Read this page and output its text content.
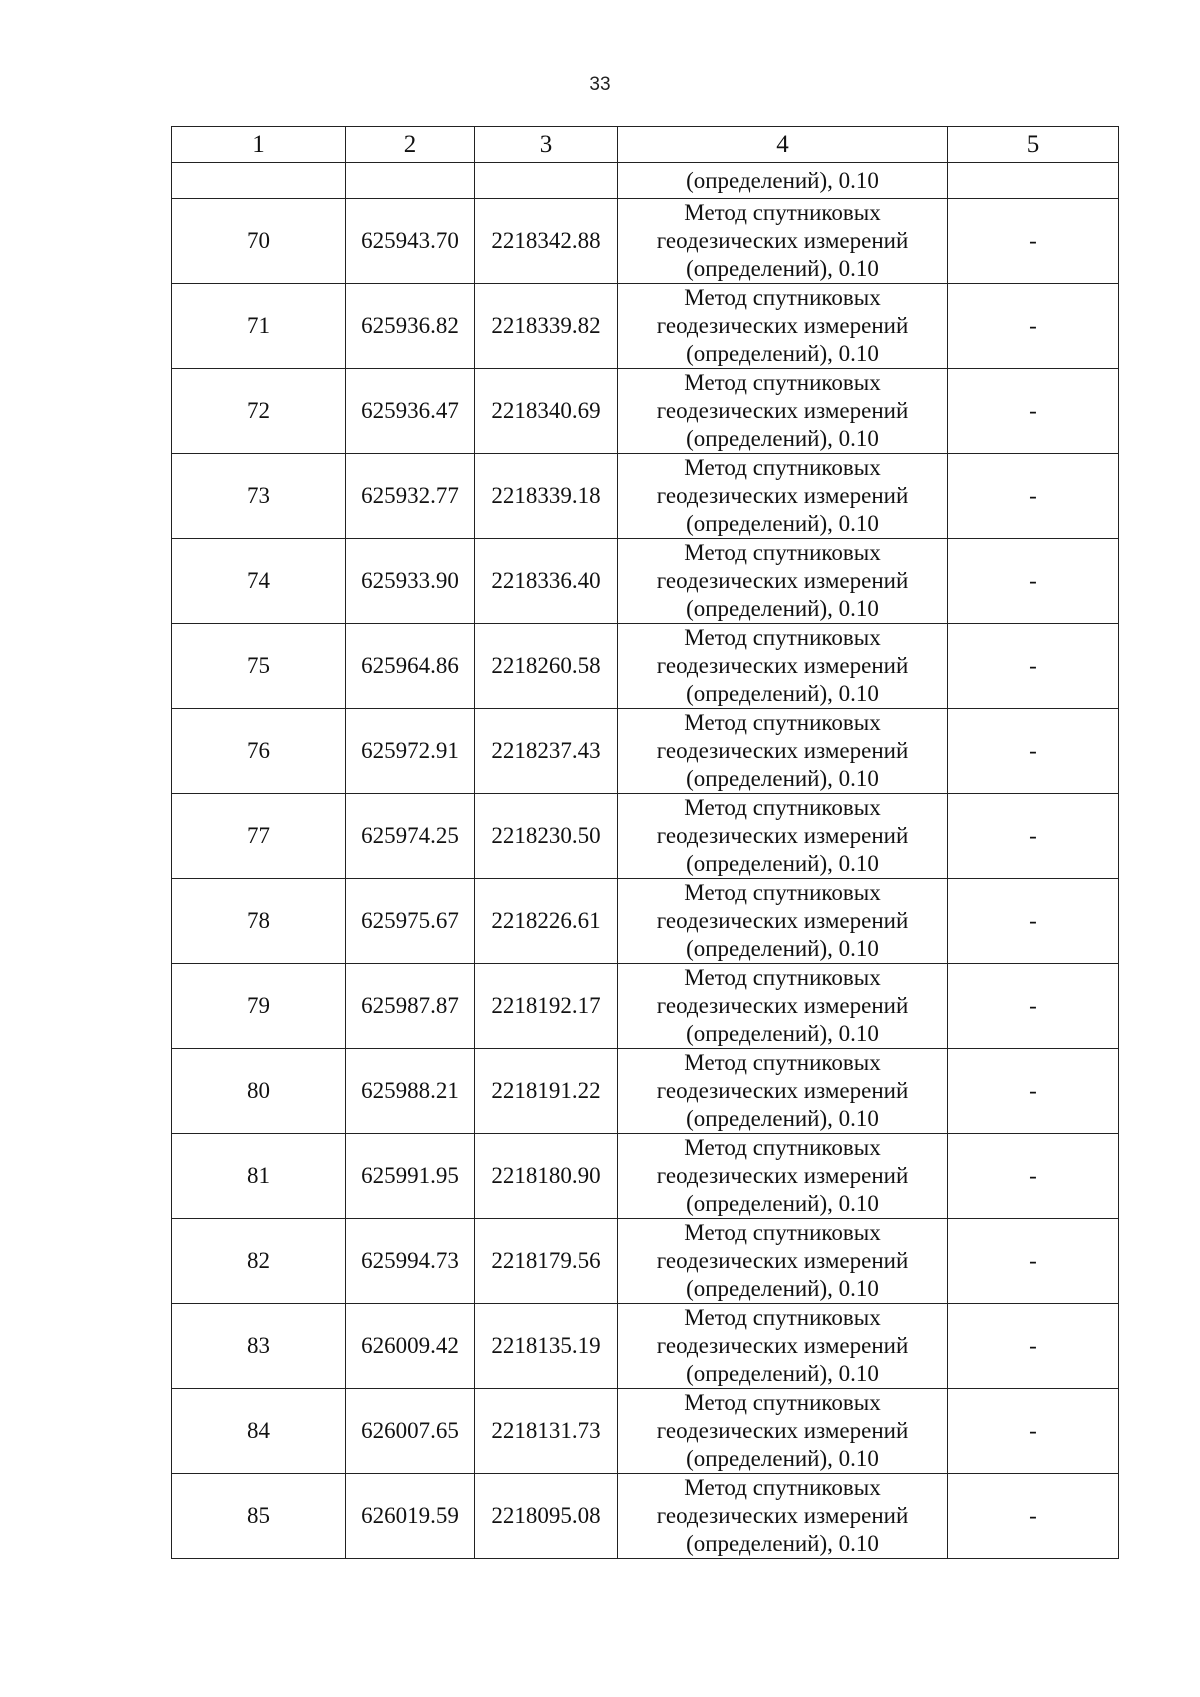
33
1	2	3	4	5
			(определений), 0.10	
70	625943.70	2218342.88	Метод спутниковых
геодезических измерений
(определений), 0.10	-
71	625936.82	2218339.82	Метод спутниковых
геодезических измерений
(определений), 0.10	-
72	625936.47	2218340.69	Метод спутниковых
геодезических измерений
(определений), 0.10	-
73	625932.77	2218339.18	Метод спутниковых
геодезических измерений
(определений), 0.10	-
74	625933.90	2218336.40	Метод спутниковых
геодезических измерений
(определений), 0.10	-
75	625964.86	2218260.58	Метод спутниковых
геодезических измерений
(определений), 0.10	-
76	625972.91	2218237.43	Метод спутниковых
геодезических измерений
(определений), 0.10	-
77	625974.25	2218230.50	Метод спутниковых
геодезических измерений
(определений), 0.10	-
78	625975.67	2218226.61	Метод спутниковых
геодезических измерений
(определений), 0.10	-
79	625987.87	2218192.17	Метод спутниковых
геодезических измерений
(определений), 0.10	-
80	625988.21	2218191.22	Метод спутниковых
геодезических измерений
(определений), 0.10	-
81	625991.95	2218180.90	Метод спутниковых
геодезических измерений
(определений), 0.10	-
82	625994.73	2218179.56	Метод спутниковых
геодезических измерений
(определений), 0.10	-
83	626009.42	2218135.19	Метод спутниковых
геодезических измерений
(определений), 0.10	-
84	626007.65	2218131.73	Метод спутниковых
геодезических измерений
(определений), 0.10	-
85	626019.59	2218095.08	Метод спутниковых
геодезических измерений
(определений), 0.10	-
